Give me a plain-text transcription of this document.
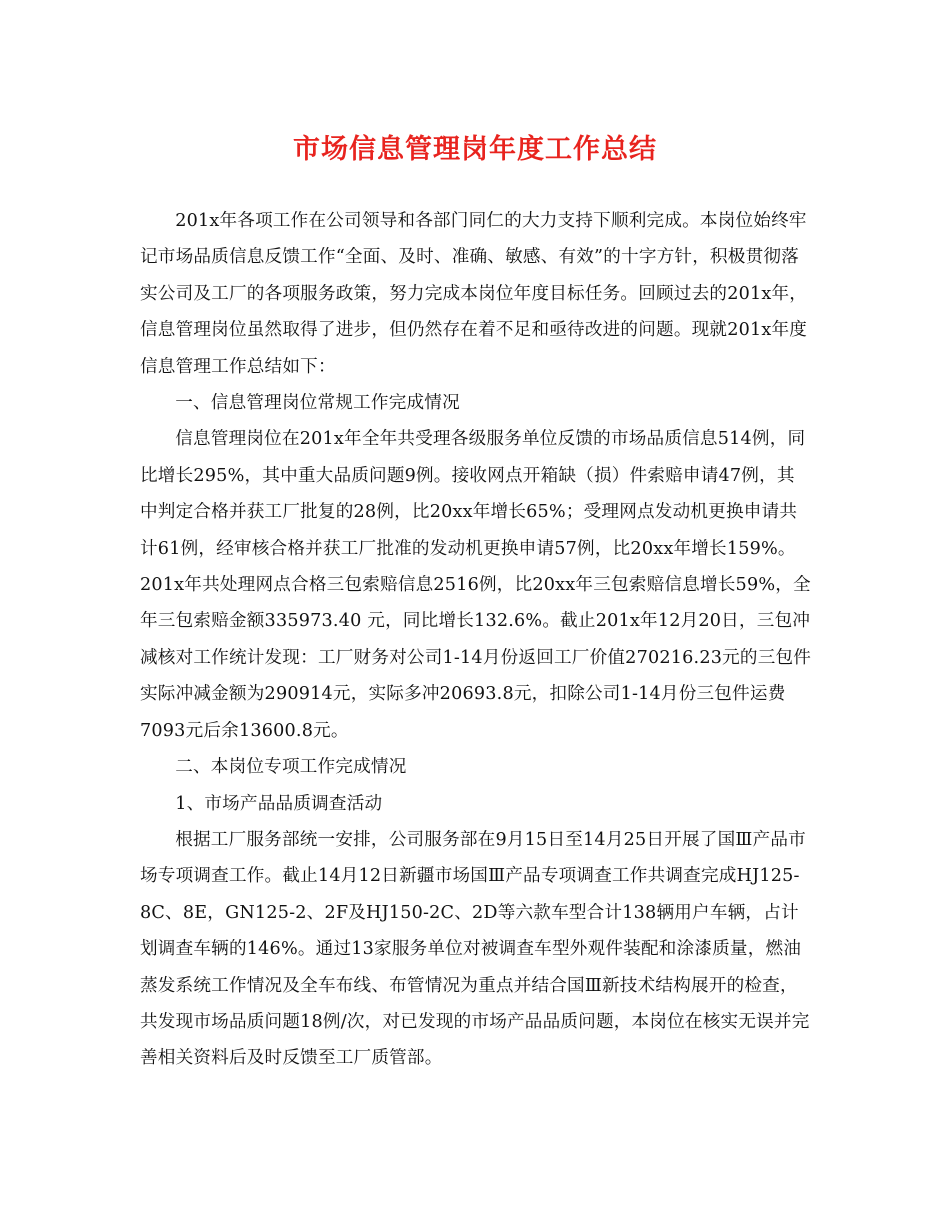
市场信息管理岗年度工作总结

201x年各项工作在公司领导和各部门同仁的大力支持下顺利完成。本岗位始终牢记市场品质信息反馈工作“全面、及时、准确、敏感、有效”的十字方针，积极贯彻落实公司及工厂的各项服务政策，努力完成本岗位年度目标任务。回顾过去的201x年，信息管理岗位虽然取得了进步，但仍然存在着不足和亟待改进的问题。现就201x年度信息管理工作总结如下：

一、信息管理岗位常规工作完成情况

信息管理岗位在201x年全年共受理各级服务单位反馈的市场品质信息514例，同比增长295%，其中重大品质问题9例。接收网点开箱缺（损）件索赔申请47例，其中判定合格并获工厂批复的28例，比20xx年增长65%；受理网点发动机更换申请共计61例，经审核合格并获工厂批准的发动机更换申请57例，比20xx年增长159%。 201x年共处理网点合格三包索赔信息2516例，比20xx年三包索赔信息增长59%，全年三包索赔金额335973.40 元，同比增长132.6%。截止201x年12月20日，三包冲减核对工作统计发现：工厂财务对公司1-14月份返回工厂价值270216.23元的三包件实际冲减金额为290914元，实际多冲20693.8元，扣除公司1-14月份三包件运费7093元后余13600.8元。

二、本岗位专项工作完成情况

1、市场产品品质调查活动

根据工厂服务部统一安排，公司服务部在9月15日至14月25日开展了国Ⅲ产品市场专项调查工作。截止14月12日新疆市场国Ⅲ产品专项调查工作共调查完成HJ125-8C、8E，GN125-2、2F及HJ150-2C、2D等六款车型合计138辆用户车辆，占计划调查车辆的146%。通过13家服务单位对被调查车型外观件装配和涂漆质量，燃油蒸发系统工作情况及全车布线、布管情况为重点并结合国Ⅲ新技术结构展开的检查，共发现市场品质问题18例/次，对已发现的市场产品品质问题，本岗位在核实无误并完善相关资料后及时反馈至工厂质管部。
